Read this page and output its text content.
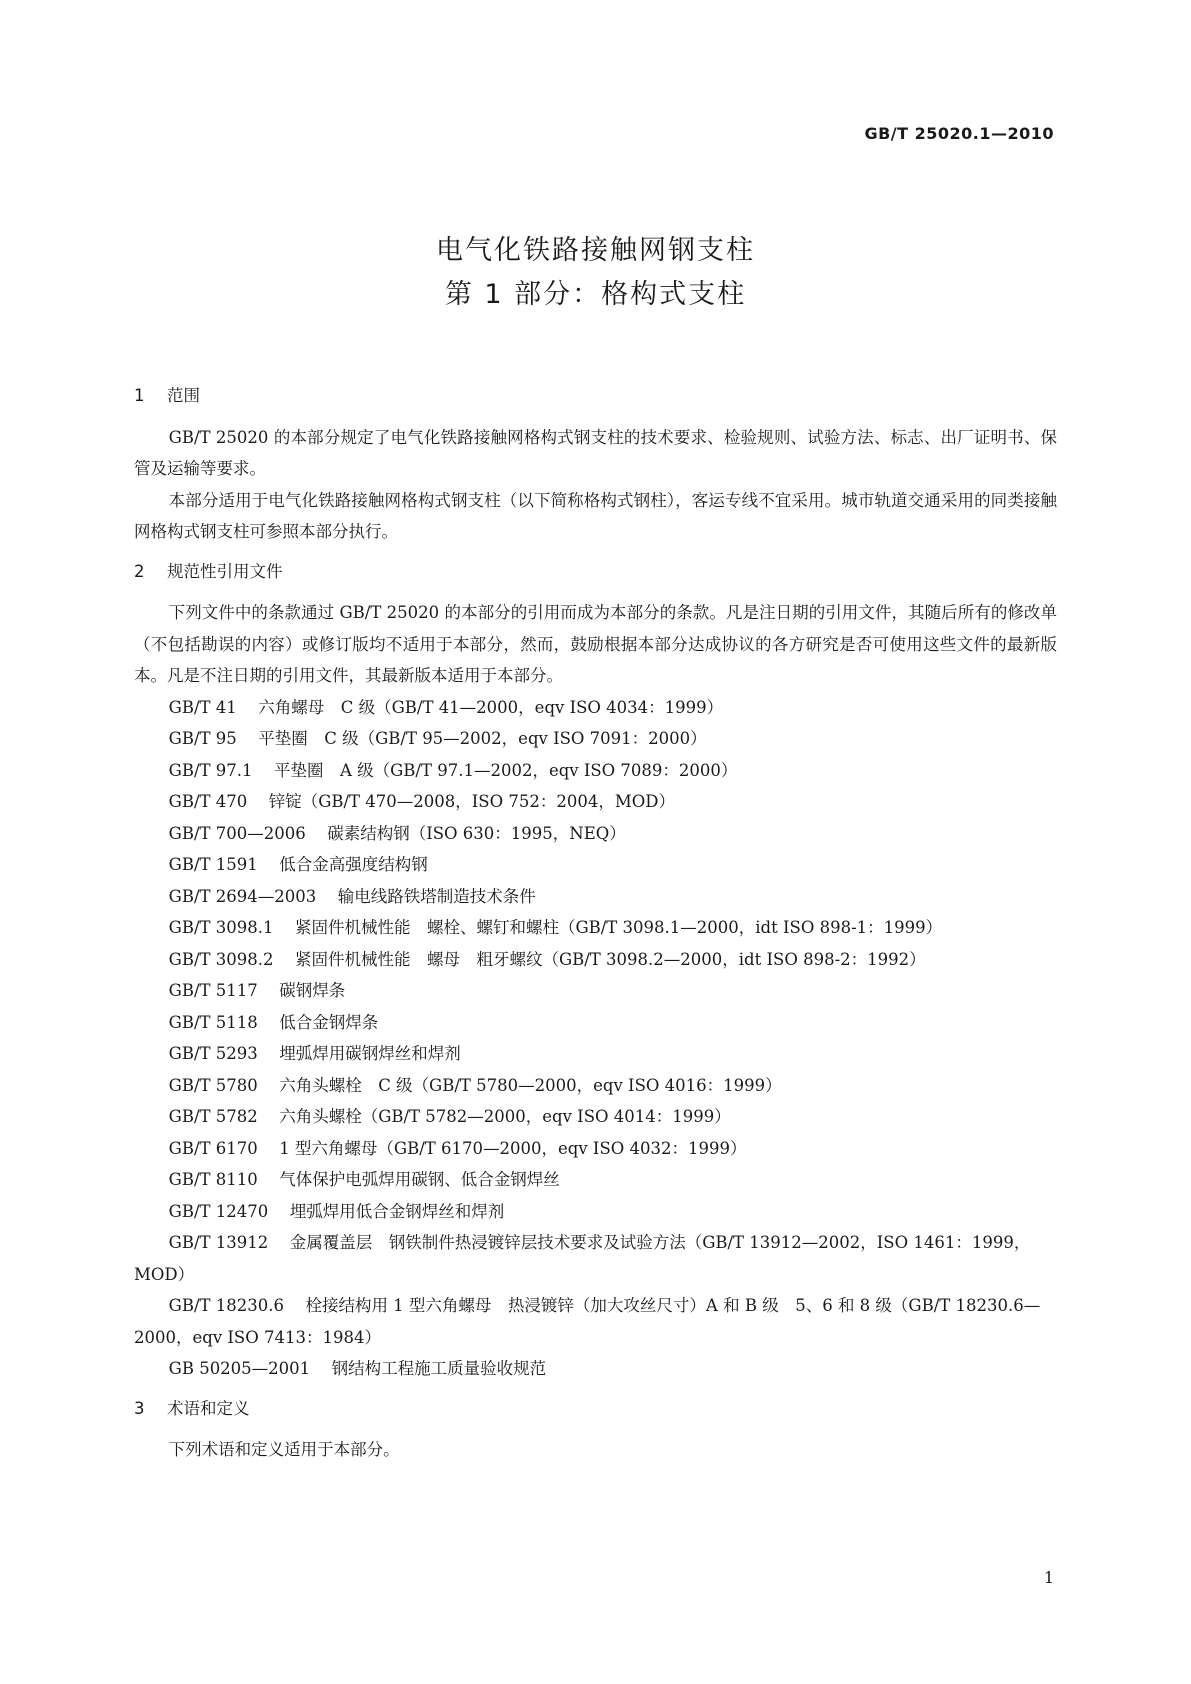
GB/T 25020.1—2010
电气化铁路接触网钢支柱
第 1 部分：格构式支柱
1	范围

GB/T 25020 的本部分规定了电气化铁路接触网格构式钢支柱的技术要求、检验规则、试验方法、标志、出厂证明书、保管及运输等要求。

本部分适用于电气化铁路接触网格构式钢支柱（以下简称格构式钢柱），客运专线不宜采用。城市轨道交通采用的同类接触网格构式钢支柱可参照本部分执行。

2	规范性引用文件

下列文件中的条款通过 GB/T 25020 的本部分的引用而成为本部分的条款。凡是注日期的引用文件，其随后所有的修改单（不包括勘误的内容）或修订版均不适用于本部分，然而，鼓励根据本部分达成协议的各方研究是否可使用这些文件的最新版本。凡是不注日期的引用文件，其最新版本适用于本部分。

GB/T 41 六角螺母　C 级（GB/T 41—2000，eqv ISO 4034：1999）

GB/T 95 平垫圈　C 级（GB/T 95—2002，eqv ISO 7091：2000）

GB/T 97.1 平垫圈　A 级（GB/T 97.1—2002，eqv ISO 7089：2000）

GB/T 470 锌锭（GB/T 470—2008，ISO 752：2004，MOD）

GB/T 700—2006 碳素结构钢（ISO 630：1995，NEQ）

GB/T 1591 低合金高强度结构钢

GB/T 2694—2003 输电线路铁塔制造技术条件

GB/T 3098.1 紧固件机械性能　螺栓、螺钉和螺柱（GB/T 3098.1—2000，idt ISO 898-1：1999）

GB/T 3098.2 紧固件机械性能　螺母　粗牙螺纹（GB/T 3098.2—2000，idt ISO 898-2：1992）

GB/T 5117 碳钢焊条

GB/T 5118 低合金钢焊条

GB/T 5293 埋弧焊用碳钢焊丝和焊剂

GB/T 5780 六角头螺栓　C 级（GB/T 5780—2000，eqv ISO 4016：1999）

GB/T 5782 六角头螺栓（GB/T 5782—2000，eqv ISO 4014：1999）

GB/T 6170 1 型六角螺母（GB/T 6170—2000，eqv ISO 4032：1999）

GB/T 8110 气体保护电弧焊用碳钢、低合金钢焊丝

GB/T 12470 埋弧焊用低合金钢焊丝和焊剂

GB/T 13912 金属覆盖层　钢铁制件热浸镀锌层技术要求及试验方法（GB/T 13912—2002，ISO 1461：1999，MOD）

GB/T 18230.6 栓接结构用 1 型六角螺母　热浸镀锌（加大攻丝尺寸）A 和 B 级　5、6 和 8 级（GB/T 18230.6—2000，eqv ISO 7413：1984）

GB 50205—2001 钢结构工程施工质量验收规范

3	术语和定义

下列术语和定义适用于本部分。

1
